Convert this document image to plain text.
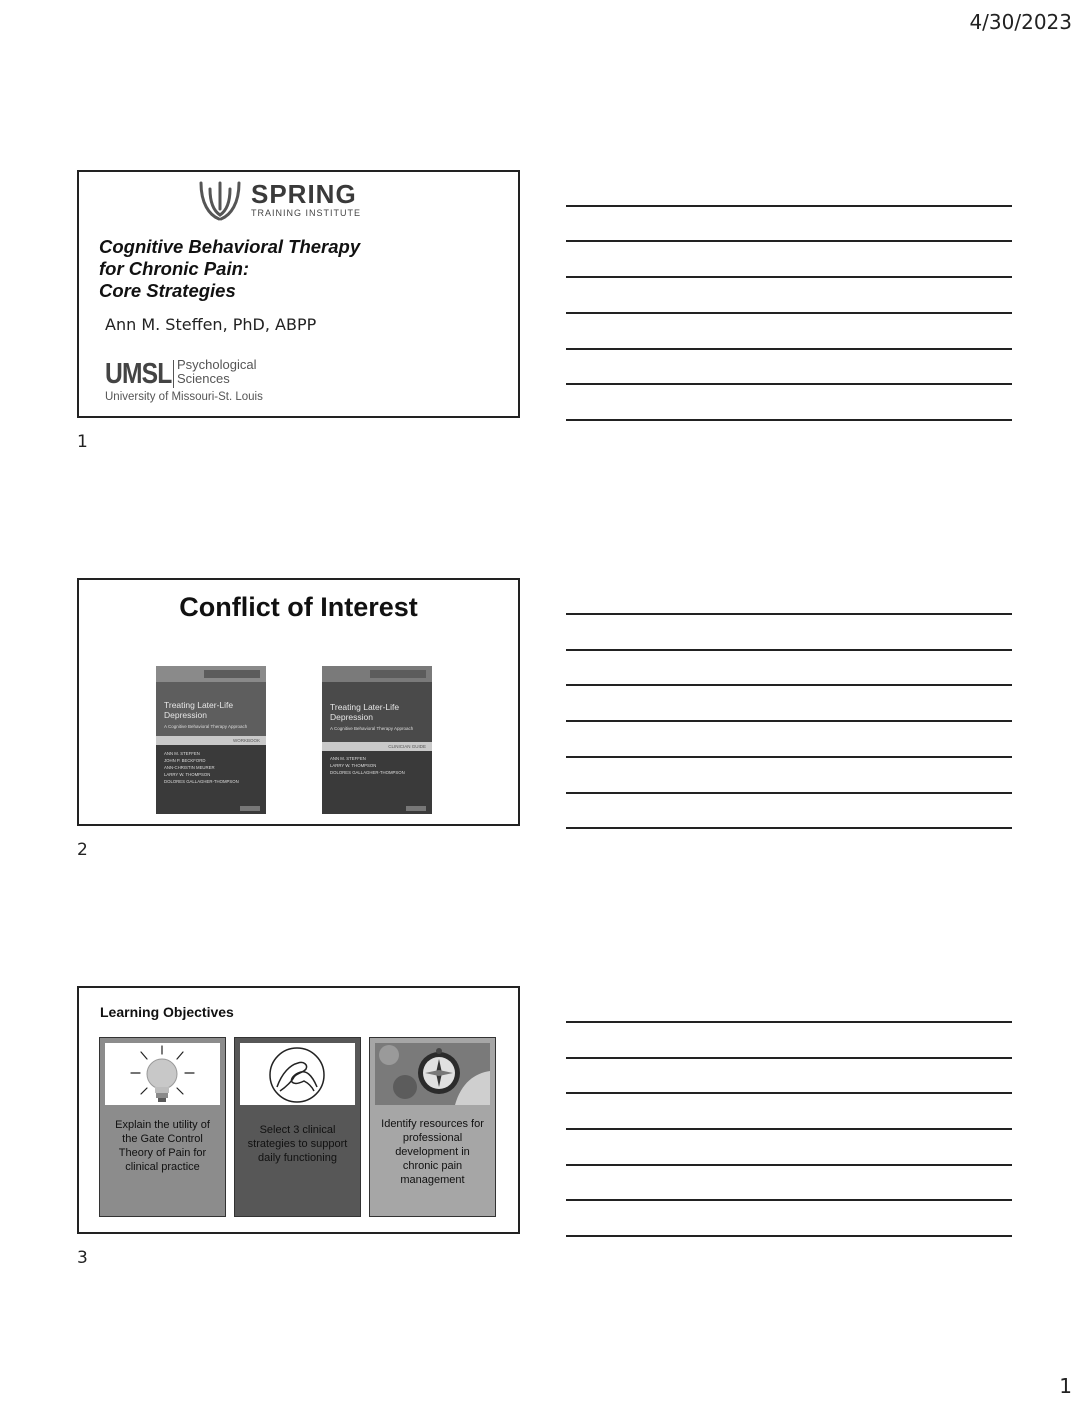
4/30/2023
SPRING
TRAINING INSTITUTE
Cognitive Behavioral Therapy
for Chronic Pain:
Core Strategies
Ann M. Steffen, PhD, ABPP
UMSL Psychological
Sciences
University of Missouri-St. Louis
1
Conflict of Interest
Treating Later-Life
Depression
A Cognitive Behavioral Therapy Approach
WORKBOOK
ANN M. STEFFEN
JOHN P. BECKFORD
ANN-CHRISTIN MEURER
LARRY W. THOMPSON
DOLORES GALLAGHER-THOMPSON
Treating Later-Life
Depression
A Cognitive Behavioral Therapy Approach
CLINICIAN GUIDE
ANN M. STEFFEN
LARRY W. THOMPSON
DOLORES GALLAGHER-THOMPSON
2
Learning Objectives
Explain the utility of
the Gate Control
Theory of Pain for
clinical practice
Select 3 clinical
strategies to support
daily functioning
Identify resources for
professional
development in
chronic pain
management
3
1
